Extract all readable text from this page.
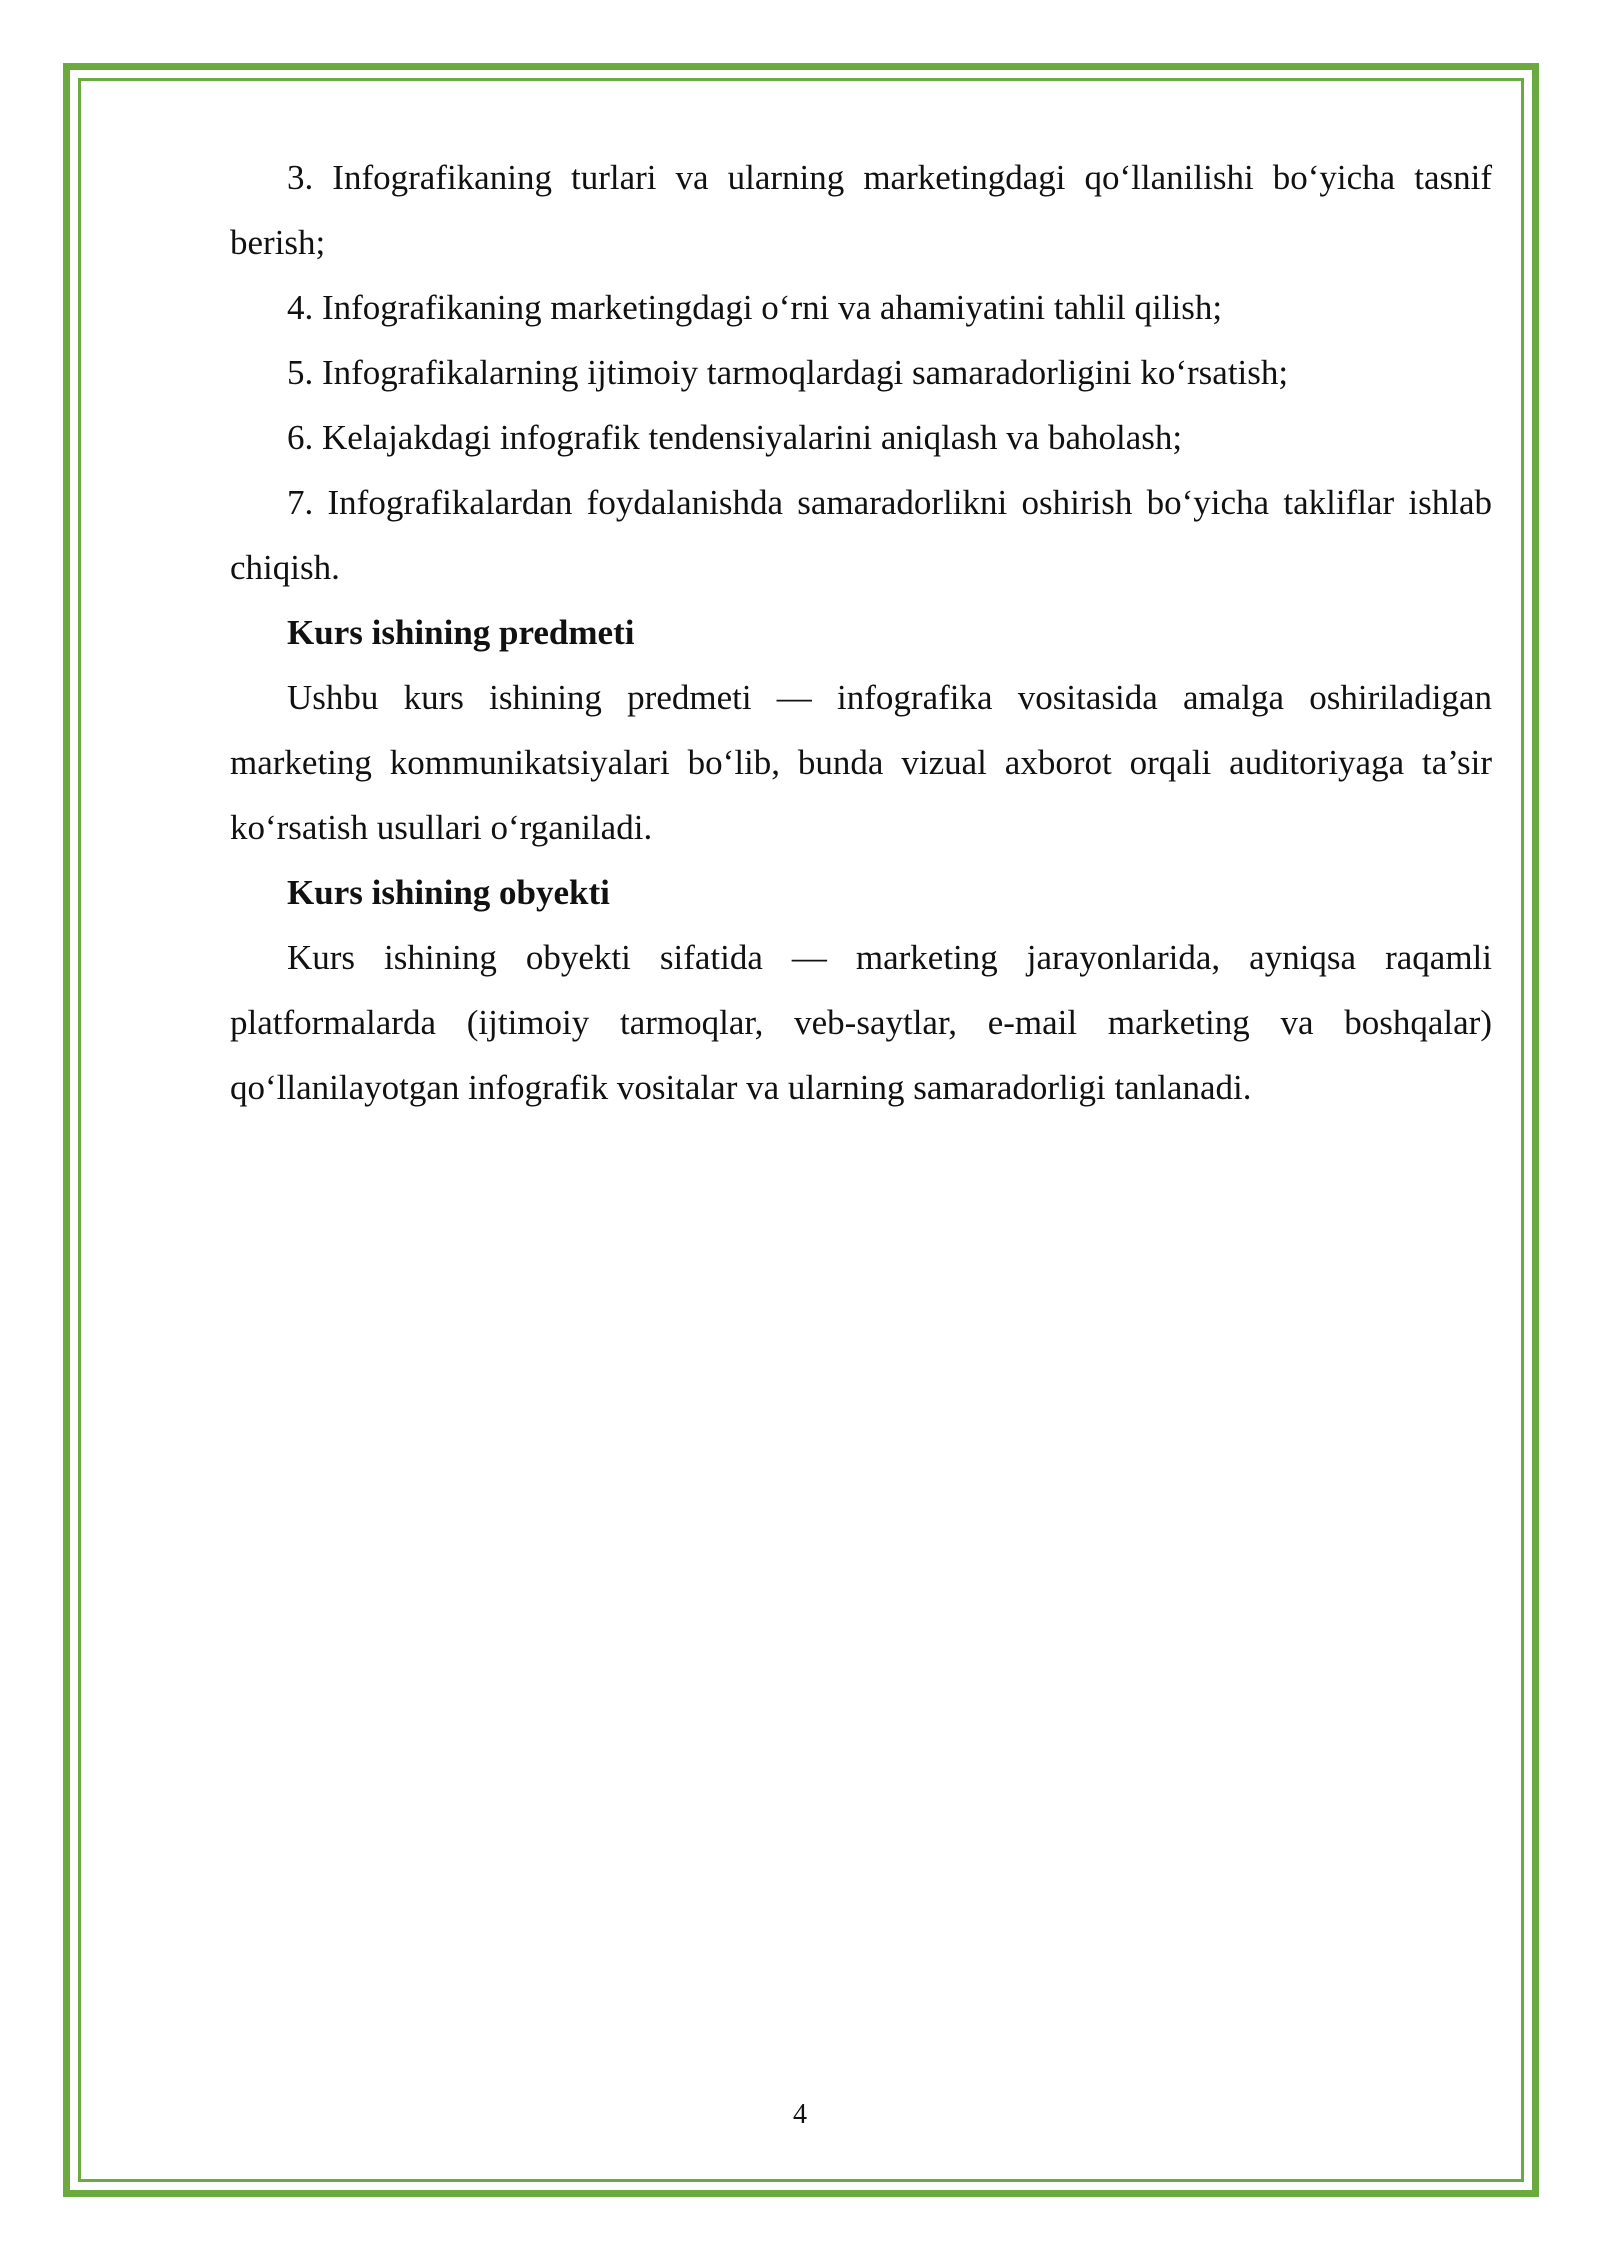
3. Infografikaning turlari va ularning marketingdagi qo‘llanilishi bo‘yicha tasnif berish;

4. Infografikaning marketingdagi o‘rni va ahamiyatini tahlil qilish;

5. Infografikalarning ijtimoiy tarmoqlardagi samaradorligini ko‘rsatish;

6. Kelajakdagi infografik tendensiyalarini aniqlash va baholash;

7. Infografikalardan foydalanishda samaradorlikni oshirish bo‘yicha takliflar ishlab chiqish.

Kurs ishining predmeti

Ushbu kurs ishining predmeti — infografika vositasida amalga oshiriladigan marketing kommunikatsiyalari bo‘lib, bunda vizual axborot orqali auditoriyaga ta’sir ko‘rsatish usullari o‘rganiladi.

Kurs ishining obyekti

Kurs ishining obyekti sifatida — marketing jarayonlarida, ayniqsa raqamli platformalarda (ijtimoiy tarmoqlar, veb-saytlar, e-mail marketing va boshqalar) qo‘llanilayotgan infografik vositalar va ularning samaradorligi tanlanadi.

4
